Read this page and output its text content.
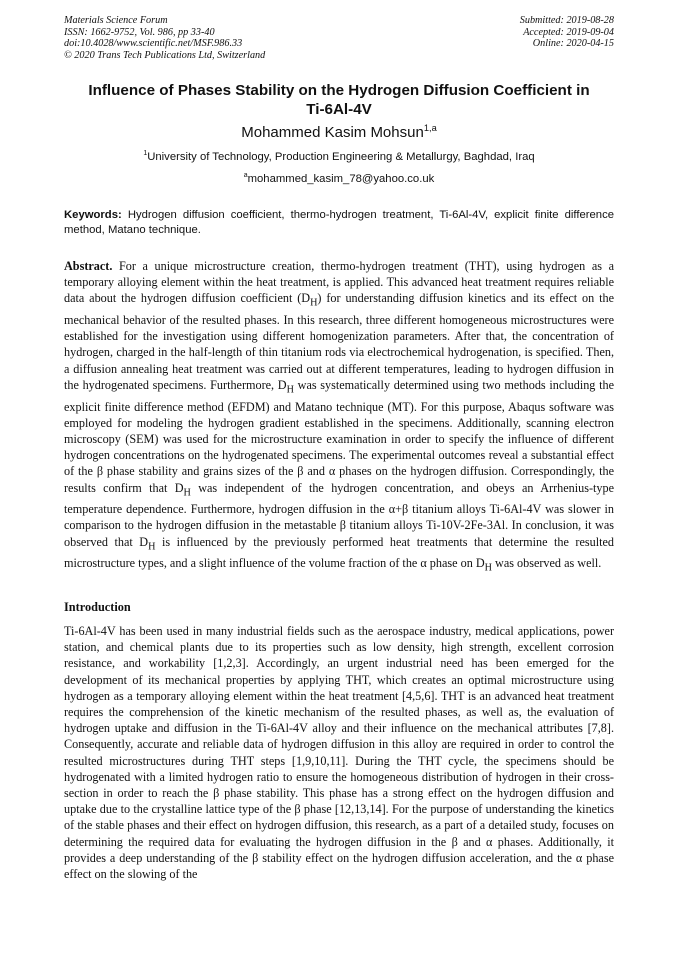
Materials Science Forum
ISSN: 1662-9752, Vol. 986, pp 33-40
doi:10.4028/www.scientific.net/MSF.986.33
© 2020 Trans Tech Publications Ltd, Switzerland
Submitted: 2019-08-28
Accepted: 2019-09-04
Online: 2020-04-15
Influence of Phases Stability on the Hydrogen Diffusion Coefficient in
Ti-6Al-4V
Mohammed Kasim Mohsun$^{1,a}$
$^1$University of Technology, Production Engineering & Metallurgy, Baghdad, Iraq
$^a$mohammed_kasim_78@yahoo.co.uk
Keywords: Hydrogen diffusion coefficient, thermo-hydrogen treatment, Ti-6Al-4V, explicit finite difference method, Matano technique.
Abstract. For a unique microstructure creation, thermo-hydrogen treatment (THT), using hydrogen as a temporary alloying element within the heat treatment, is applied. This advanced heat treatment requires reliable data about the hydrogen diffusion coefficient $(D_H)$ for understanding diffusion kinetics and its effect on the mechanical behavior of the resulted phases. In this research, three different homogeneous microstructures were established for the investigation using different homogenization parameters. After that, the concentration of hydrogen, charged in the half-length of thin titanium rods via electrochemical hydrogenation, is specified. Then, a diffusion annealing heat treatment was carried out at different temperatures, leading to hydrogen diffusion in the hydrogenated specimens. Furthermore, $D_H$ was systematically determined using two methods including the explicit finite difference method (EFDM) and Matano technique (MT). For this purpose, Abaqus software was employed for modeling the hydrogen gradient established in the specimens. Additionally, scanning electron microscopy (SEM) was used for the microstructure examination in order to specify the influence of different hydrogen concentrations on the hydrogenated specimens. The experimental outcomes reveal a substantial effect of the β phase stability and grains sizes of the β and α phases on the hydrogen diffusion. Correspondingly, the results confirm that $D_H$ was independent of the hydrogen concentration, and obeys an Arrhenius-type temperature dependence. Furthermore, hydrogen diffusion in the α+β titanium alloys Ti-6Al-4V was slower in comparison to the hydrogen diffusion in the metastable β titanium alloys Ti-10V-2Fe-3Al. In conclusion, it was observed that $D_H$ is influenced by the previously performed heat treatments that determine the resulted microstructure types, and a slight influence of the volume fraction of the α phase on $D_H$ was observed as well.
Introduction
Ti-6Al-4V has been used in many industrial fields such as the aerospace industry, medical applications, power station, and chemical plants due to its properties such as low density, high strength, excellent corrosion resistance, and workability [1,2,3]. Accordingly, an urgent industrial need has been emerged for the development of its mechanical properties by applying THT, which creates an optimal microstructure using hydrogen as a temporary alloying element within the heat treatment [4,5,6]. THT is an advanced heat treatment requires the comprehension of the kinetic mechanism of the resulted phases, as well as, the evaluation of hydrogen uptake and diffusion in the Ti-6Al-4V alloy and their influence on the mechanical attributes [7,8]. Consequently, accurate and reliable data of hydrogen diffusion in this alloy are required in order to control the resulted microstructures during THT steps [1,9,10,11]. During the THT cycle, the specimens should be hydrogenated with a limited hydrogen ratio to ensure the homogeneous distribution of hydrogen in their cross-section in order to reach the β phase stability. This phase has a strong effect on the hydrogen diffusion and uptake due to the crystalline lattice type of the β phase [12,13,14]. For the purpose of understanding the kinetics of the stable phases and their effect on hydrogen diffusion, this research, as a part of a detailed study, focuses on determining the required data for evaluating the hydrogen diffusion in the β and α phases. Additionally, it provides a deep understanding of the β stability effect on the hydrogen diffusion acceleration, and the α phase effect on the slowing of the
